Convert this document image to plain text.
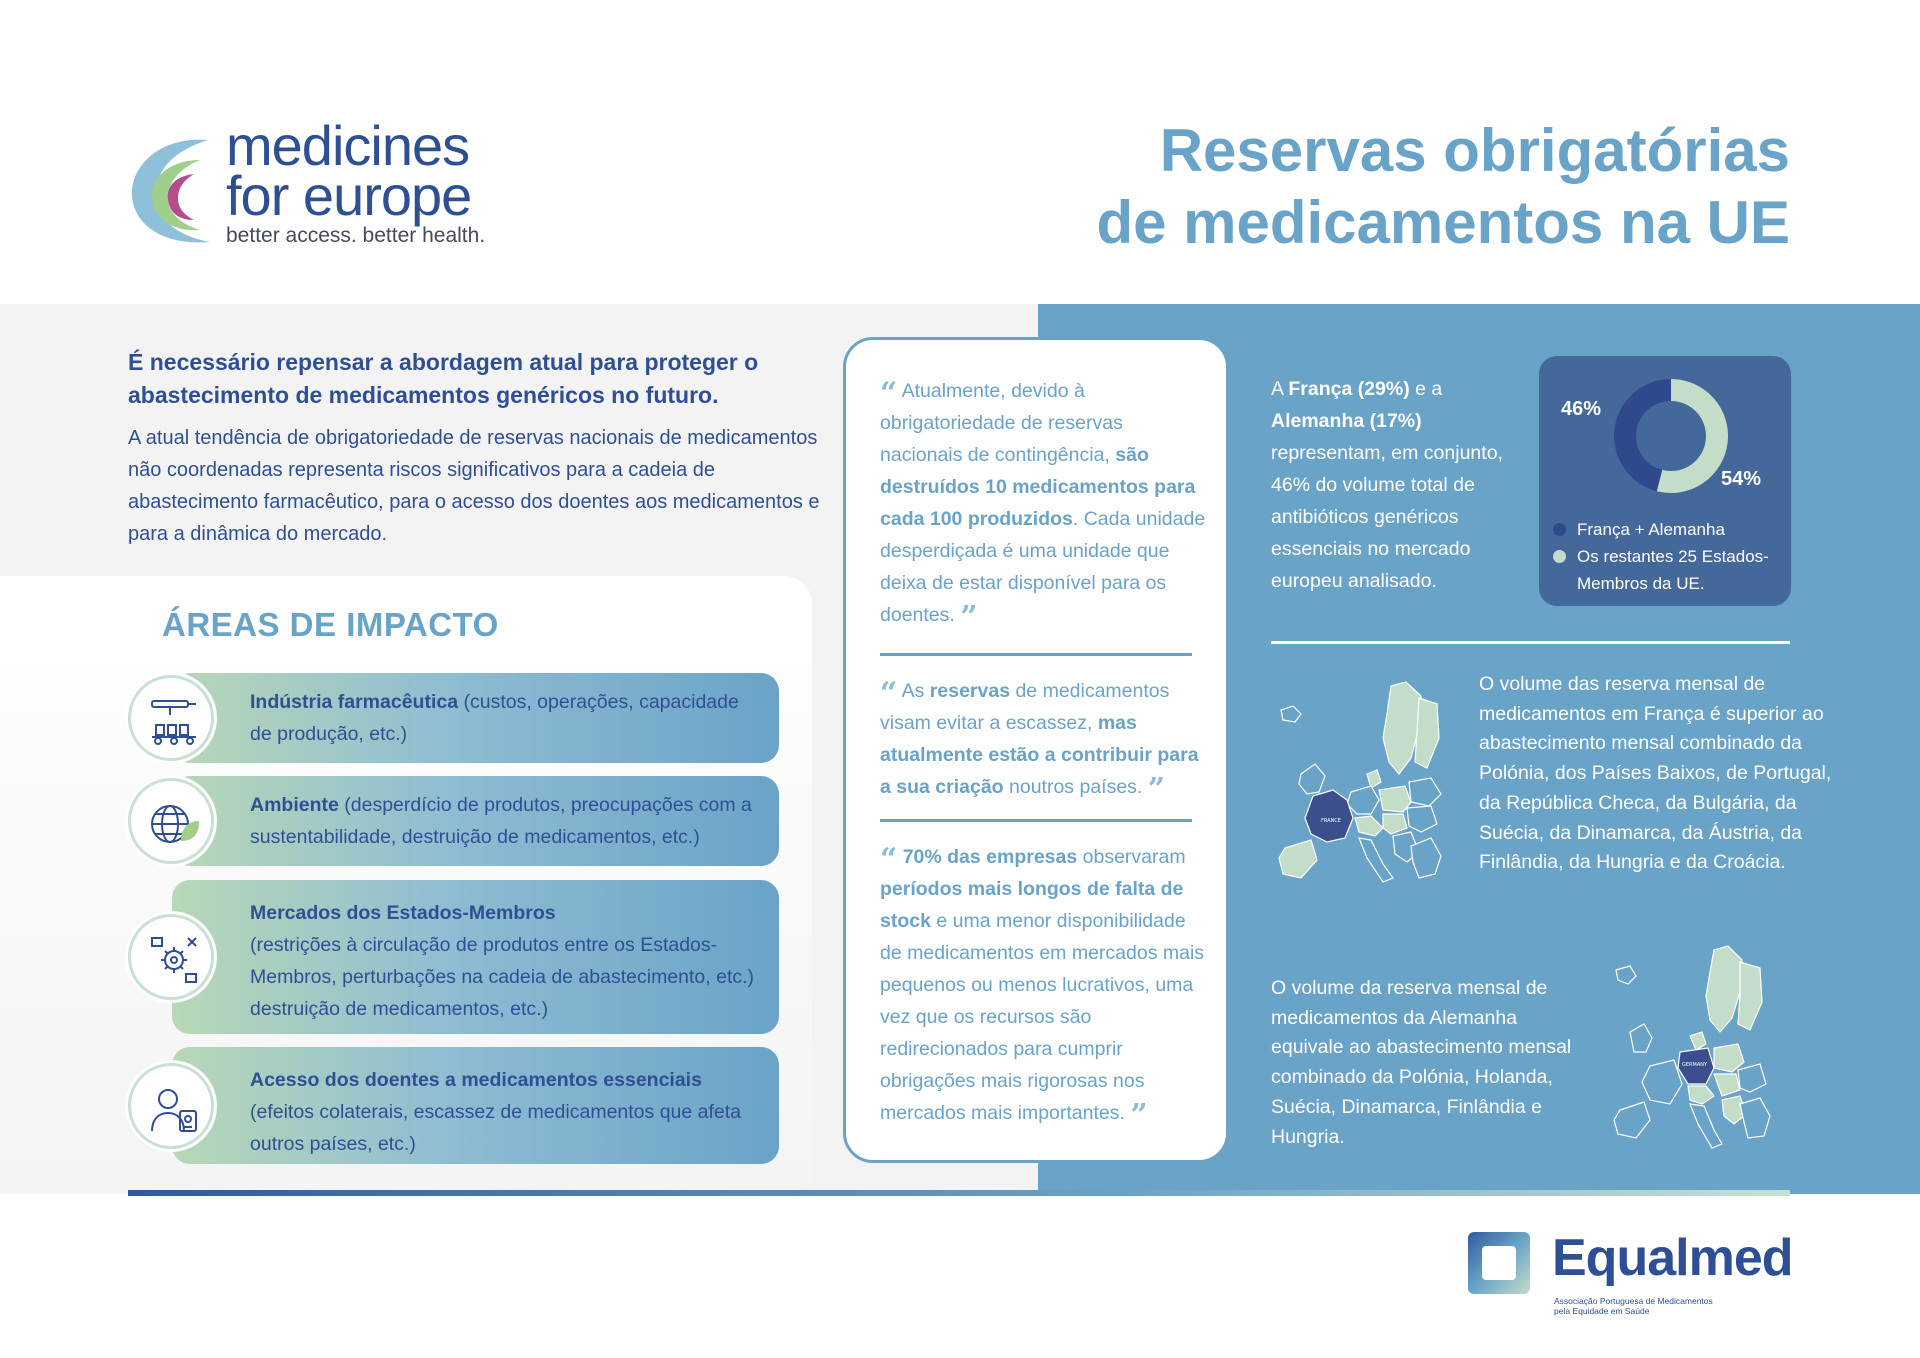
medicines
for europe
better access. better health.
Reservas obrigatórias
de medicamentos na UE

É necessário repensar a abordagem atual para proteger o abastecimento de medicamentos genéricos no futuro.

A atual tendência de obrigatoriedade de reservas nacionais de medicamentos não coordenadas representa riscos significativos para a cadeia de abastecimento farmacêutico, para o acesso dos doentes aos medicamentos e para a dinâmica do mercado.

ÁREAS DE IMPACTO

Indústria farmacêutica (custos, operações, capacidade de produção, etc.)

Ambiente (desperdício de produtos, preocupações com a sustentabilidade, destruição de medicamentos, etc.)

Mercados dos Estados-Membros
(restrições à circulação de produtos entre os Estados-Membros, perturbações na cadeia de abastecimento, etc.) destruição de medicamentos, etc.)

Acesso dos doentes a medicamentos essenciais
(efeitos colaterais, escassez de medicamentos que afeta outros países, etc.)

“ Atualmente, devido à obrigatoriedade de reservas nacionais de contingência, são destruídos 10 medicamentos para cada 100 produzidos. Cada unidade desperdiçada é uma unidade que deixa de estar disponível para os doentes. ”

“ As reservas de medicamentos visam evitar a escassez, mas atualmente estão a contribuir para a sua criação noutros países. ”

“ 70% das empresas observaram períodos mais longos de falta de stock e uma menor disponibilidade de medicamentos em mercados mais pequenos ou menos lucrativos, uma vez que os recursos são redirecionados para cumprir obrigações mais rigorosas nos mercados mais importantes. ”

A França (29%) e a Alemanha (17%) representam, em conjunto, 46% do volume total de antibióticos genéricos essenciais no mercado europeu analisado.

46%
54%
França + Alemanha
Os restantes 25 Estados-Membros da UE.
FRANCE

O volume das reserva mensal de medicamentos em França é superior ao abastecimento mensal combinado da Polónia, dos Países Baixos, de Portugal, da República Checa, da Bulgária, da Suécia, da Dinamarca, da Áustria, da Finlândia, da Hungria e da Croácia.

O volume da reserva mensal de medicamentos da Alemanha equivale ao abastecimento mensal combinado da Polónia, Holanda, Suécia, Dinamarca, Finlândia e Hungria.

GERMANY
Equalmed
Associação Portuguesa de Medicamentos
pela Equidade em Saúde
